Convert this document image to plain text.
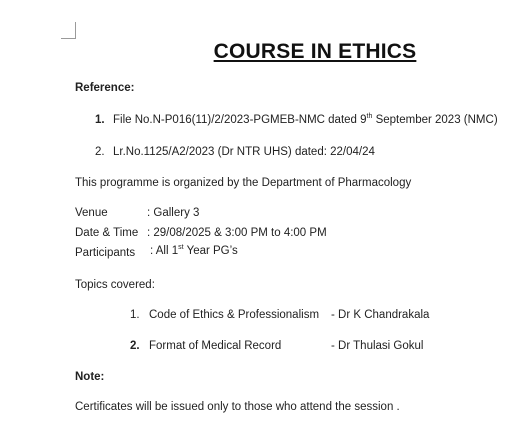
COURSE IN ETHICS
Reference:
1. File No.N-P016(11)/2/2023-PGMEB-NMC dated 9th September 2023 (NMC)
2. Lr.No.1125/A2/2023 (Dr NTR UHS) dated: 22/04/24
This programme is organized by the Department of Pharmacology
Venue	: Gallery 3
Date & Time : 29/08/2025 & 3:00 PM to 4:00 PM
Participants : All 1st Year PG’s
Topics covered:
1. Code of Ethics & Professionalism - Dr K Chandrakala
2. Format of Medical Record	- Dr Thulasi Gokul
Note:
Certificates will be issued only to those who attend the session .
